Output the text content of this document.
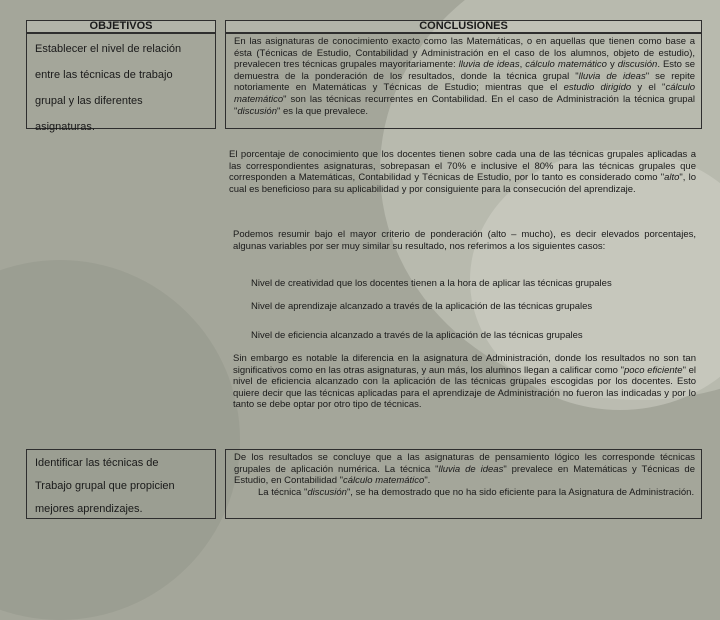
OBJETIVOS	CONCLUSIONES

Establecer el nivel de relación

entre las técnicas de trabajo

grupal y las diferentes

asignaturas.

En las asignaturas de conocimiento exacto como las Matemáticas, o en aquellas que tienen como base a ésta (Técnicas de Estudio, Contabilidad y Administración en el caso de los alumnos, objeto de estudio), prevalecen tres técnicas grupales mayoritariamente: lluvia de ideas, cálculo matemático y discusión. Esto se demuestra de la ponderación de los resultados, donde la técnica grupal "lluvia de ideas" se repite notoriamente en Matemáticas y Técnicas de Estudio; mientras que el estudio dirigido y el "cálculo matemático" son las técnicas recurrentes en Contabilidad. En el caso de Administración la técnica grupal "discusión" es la que prevalece.

El porcentaje de conocimiento que los docentes tienen sobre cada una de las técnicas grupales aplicadas a las correspondientes asignaturas, sobrepasan el 70% e inclusive el 80% para las técnicas grupales que corresponden a Matemáticas, Contabilidad y Técnicas de Estudio, por lo tanto es considerado como "alto", lo cual es beneficioso para su aplicabilidad y por consiguiente para la consecución del aprendizaje.

Podemos resumir bajo el mayor criterio de ponderación (alto – mucho), es decir elevados porcentajes, algunas variables por ser muy similar su resultado, nos referimos a los siguientes casos:

Nivel de creatividad que los docentes tienen a la hora de aplicar las técnicas grupales

Nivel de aprendizaje alcanzado a través de la aplicación de las técnicas grupales

Nivel de eficiencia alcanzado a través de la aplicación de las técnicas grupales

Sin embargo es notable la diferencia en la asignatura de Administración, donde los resultados no son tan significativos como en las otras asignaturas, y aun más, los alumnos llegan a calificar como "poco eficiente" el nivel de eficiencia alcanzado con la aplicación de las técnicas grupales escogidas por los docentes. Esto quiere decir que las técnicas aplicadas para el aprendizaje de Administración no fueron las indicadas y por lo tanto se debe optar por otro tipo de técnicas.

Identificar las técnicas de

Trabajo grupal que propicien

mejores aprendizajes.

De los resultados se concluye que a las asignaturas de pensamiento lógico les corresponde técnicas grupales de aplicación numérica. La técnica "lluvia de ideas" prevalece en Matemáticas y Técnicas de Estudio, en Contabilidad "cálculo matemático".

La técnica "discusión", se ha demostrado que no ha sido eficiente para la Asignatura de Administración.
